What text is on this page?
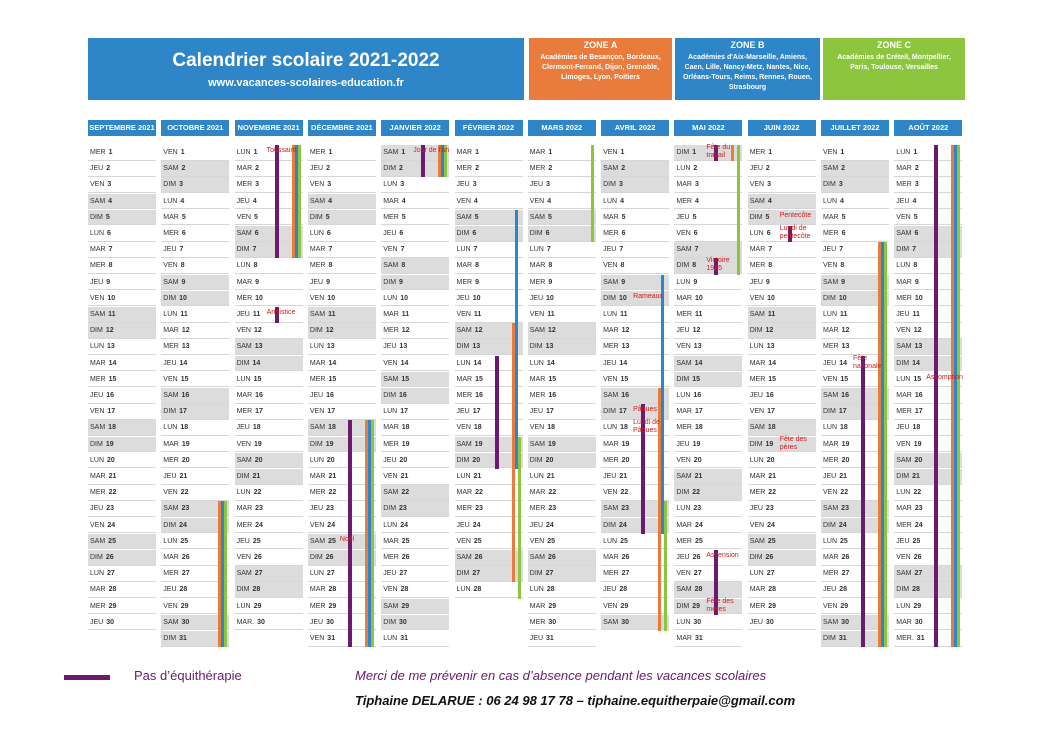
Calendrier scolaire 2021-2022
www.vacances-scolaires-education.fr
ZONE A
Académies de Besançon, Bordeaux, Clermont-Ferrand, Dijon, Grenoble, Limoges, Lyon, Poitiers
ZONE B
Académies d'Aix-Marseille, Amiens, Caen, Lille, Nancy-Metz, Nantes, Nice, Orléans-Tours, Reims, Rennes, Rouen, Strasbourg
ZONE C
Académies de Créteil, Montpellier, Paris, Toulouse, Versailles
SEPTEMBRE 2021
MER 1
JEU 2
VEN 3
SAM 4
DIM 5
LUN 6
MAR 7
MER 8
JEU 9
VEN 10
SAM 11
DIM 12
LUN 13
MAR 14
MER 15
JEU 16
VEN 17
SAM 18
DIM 19
LUN 20
MAR 21
MER 22
JEU 23
VEN 24
SAM 25
DIM 26
LUN 27
MAR 28
MER 29
JEU 30
OCTOBRE 2021
VEN 1
SAM 2
DIM 3
LUN 4
MAR 5
MER 6
JEU 7
VEN 8
SAM 9
DIM 10
LUN 11
MAR 12
MER 13
JEU 14
VEN 15
SAM 16
DIM 17
LUN 18
MAR 19
MER 20
JEU 21
VEN 22
SAM 23
DIM 24
LUN 25
MAR 26
MER 27
JEU 28
VEN 29
SAM 30
DIM 31
NOVEMBRE 2021
LUN 1
MAR 2
MER 3
JEU 4
VEN 5
SAM 6
DIM 7
LUN 8
MAR 9
MER 10
JEU 11
VEN 12
SAM 13
DIM 14
LUN 15
MAR 16
MER 17
JEU 18
VEN 19
SAM 20
DIM 21
LUN 22
MAR 23
MER 24
JEU 25
VEN 26
SAM 27
DIM 28
LUN 29
MAR. 30
DÉCEMBRE 2021
MER 1
JEU 2
VEN 3
SAM 4
DIM 5
LUN 6
MAR 7
MER 8
JEU 9
VEN 10
SAM 11
DIM 12
LUN 13
MAR 14
MER 15
JEU 16
VEN 17
SAM 18
DIM 19
LUN 20
MAR 21
MER 22
JEU 23
VEN 24
SAM 25
DIM 26
LUN 27
MAR 28
MER 29
JEU 30
VEN 31
JANVIER 2022
SAM 1
DIM 2
LUN 3
MAR 4
MER 5
JEU 6
VEN 7
SAM 8
DIM 9
LUN 10
MAR 11
MER 12
JEU 13
VEN 14
SAM 15
DIM 16
LUN 17
MAR 18
MER 19
JEU 20
VEN 21
SAM 22
DIM 23
LUN 24
MAR 25
MER 26
JEU 27
VEN 28
SAM 29
DIM 30
LUN 31
FÉVRIER 2022
MAR 1
MER 2
JEU 3
VEN 4
SAM 5
DIM 6
LUN 7
MAR 8
MER 9
JEU 10
VEN 11
SAM 12
DIM 13
LUN 14
MAR 15
MER 16
JEU 17
VEN 18
SAM 19
DIM 20
LUN 21
MAR 22
MER 23
JEU 24
VEN 25
SAM 26
DIM 27
LUN 28
MARS 2022
MAR 1
MER 2
JEU 3
VEN 4
SAM 5
DIM 6
LUN 7
MAR 8
MER 9
JEU 10
VEN 11
SAM 12
DIM 13
LUN 14
MAR 15
MER 16
JEU 17
VEN 18
SAM 19
DIM 20
LUN 21
MAR 22
MER 23
JEU 24
VEN 25
SAM 26
DIM 27
LUN 28
MAR 29
MER 30
JEU 31
AVRIL 2022
VEN 1
SAM 2
DIM 3
LUN 4
MAR 5
MER 6
JEU 7
VEN 8
SAM 9
DIM 10
LUN 11
MAR 12
MER 13
JEU 14
VEN 15
SAM 16
DIM 17
LUN 18
MAR 19
MER 20
JEU 21
VEN 22
SAM 23
DIM 24
LUN 25
MAR 26
MER 27
JEU 28
VEN 29
SAM 30
MAI 2022
DIM 1
LUN 2
MAR 3
MER 4
JEU 5
VEN 6
SAM 7
DIM 8
LUN 9
MAR 10
MER 11
JEU 12
VEN 13
SAM 14
DIM 15
LUN 16
MAR 17
MER 18
JEU 19
VEN 20
SAM 21
DIM 22
LUN 23
MAR 24
MER 25
JEU 26
VEN 27
SAM 28
DIM 29
LUN 30
MAR 31
JUIN 2022
MER 1
JEU 2
VEN 3
SAM 4
DIM 5
LUN 6
MAR 7
MER 8
JEU 9
VEN 10
SAM 11
DIM 12
LUN 13
MAR 14
MER 15
JEU 16
VEN 17
SAM 18
DIM 19
LUN 20
MAR 21
MER 22
JEU 23
VEN 24
SAM 25
DIM 26
LUN 27
MAR 28
MER 29
JEU 30
JUILLET 2022
VEN 1
SAM 2
DIM 3
LUN 4
MAR 5
MER 6
JEU 7
VEN 8
SAM 9
DIM 10
LUN 11
MAR 12
MER 13
JEU 14
VEN 15
SAM 16
DIM 17
LUN 18
MAR 19
MER 20
JEU 21
VEN 22
SAM 23
DIM 24
LUN 25
MAR 26
MER 27
JEU 28
VEN 29
SAM 30
DIM 31
AOÛT 2022
LUN 1
MAR 2
MER 3
JEU 4
VEN 5
SAM 6
DIM 7
LUN 8
MAR 9
MER 10
JEU 11
VEN 12
SAM 13
DIM 14
LUN 15
MAR 16
MER 17
JEU 18
VEN 19
SAM 20
DIM 21
LUN 22
MAR 23
MER 24
JEU 25
VEN 26
SAM 27
DIM 28
LUN 29
MAR 30
MER. 31
Toussaint
Armistice
Noël
Jour de l'an
Rameaux
Pâques
Lundi de Pâques
Fête du travail
Victoire 1945
Ascension
Fête des mères
Pentecôte
Lundi de pentecôte
Fête des pères
Fête nationale
Assomption
Pas d’équithérapie	Merci de me prévenir en cas d’absence pendant les vacances scolaires
Tiphaine DELARUE : 06 24 98 17 78 – tiphaine.equitherpaie@gmail.com
